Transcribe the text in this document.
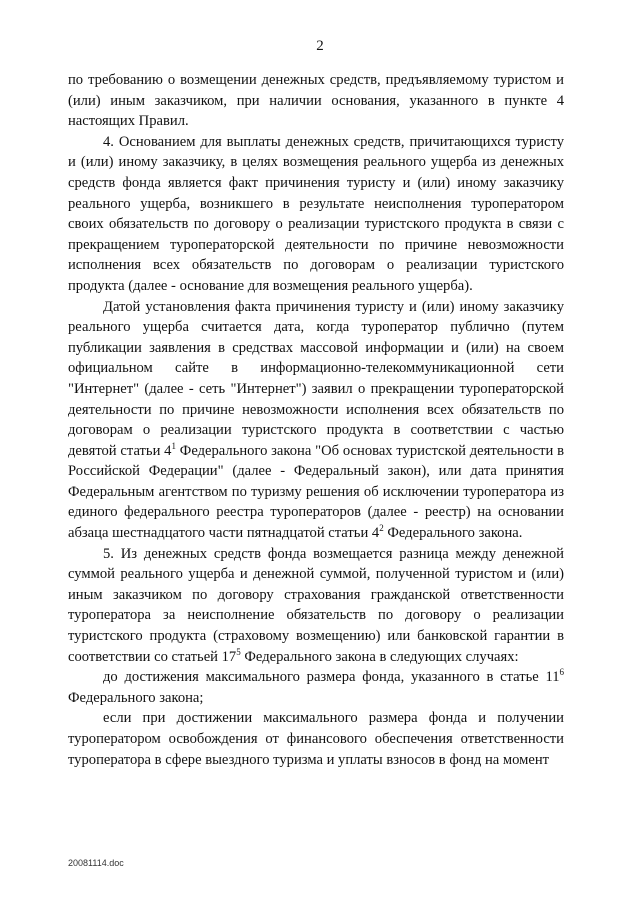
2

по требованию о возмещении денежных средств, предъявляемому туристом и (или) иным заказчиком, при наличии основания, указанного в пункте 4 настоящих Правил.

4. Основанием для выплаты денежных средств, причитающихся туристу и (или) иному заказчику, в целях возмещения реального ущерба из денежных средств фонда является факт причинения туристу и (или) иному заказчику реального ущерба, возникшего в результате неисполнения туроператором своих обязательств по договору о реализации туристского продукта в связи с прекращением туроператорской деятельности по причине невозможности исполнения всех обязательств по договорам о реализации туристского продукта (далее - основание для возмещения реального ущерба).

Датой установления факта причинения туристу и (или) иному заказчику реального ущерба считается дата, когда туроператор публично (путем публикации заявления в средствах массовой информации и (или) на своем официальном сайте в информационно-телекоммуникационной сети "Интернет" (далее - сеть "Интернет") заявил о прекращении туроператорской деятельности по причине невозможности исполнения всех обязательств по договорам о реализации туристского продукта в соответствии с частью девятой статьи $4^1$ Федерального закона "Об основах туристской деятельности в Российской Федерации" (далее - Федеральный закон), или дата принятия Федеральным агентством по туризму решения об исключении туроператора из единого федерального реестра туроператоров (далее - реестр) на основании абзаца шестнадцатого части пятнадцатой статьи $4^2$ Федерального закона.

5. Из денежных средств фонда возмещается разница между денежной суммой реального ущерба и денежной суммой, полученной туристом и (или) иным заказчиком по договору страхования гражданской ответственности туроператора за неисполнение обязательств по договору о реализации туристского продукта (страховому возмещению) или банковской гарантии в соответствии со статьей $17^5$ Федерального закона в следующих случаях:

до достижения максимального размера фонда, указанного в статье $11^6$ Федерального закона;

если при достижении максимального размера фонда и получении туроператором освобождения от финансового обеспечения ответственности туроператора в сфере выездного туризма и уплаты взносов в фонд на момент

20081114.doc
